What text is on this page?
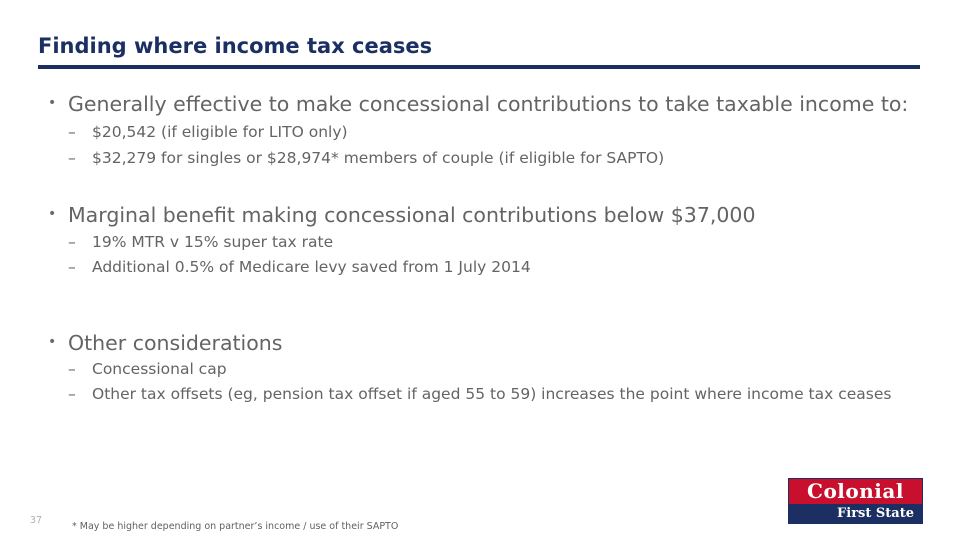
Finding where income tax ceases
• Generally effective to make concessional contributions to take taxable income to:
– $20,542 (if eligible for LITO only)
– $32,279 for singles or $28,974* members of couple (if eligible for SAPTO)
• Marginal benefit making concessional contributions below $37,000
– 19% MTR v 15% super tax rate
– Additional 0.5% of Medicare levy saved from 1 July 2014
• Other considerations
– Concessional cap
– Other tax offsets (eg, pension tax offset if aged 55 to 59) increases the point where income tax ceases
37
* May be higher depending on partner’s income / use of their SAPTO
Colonial
First State
